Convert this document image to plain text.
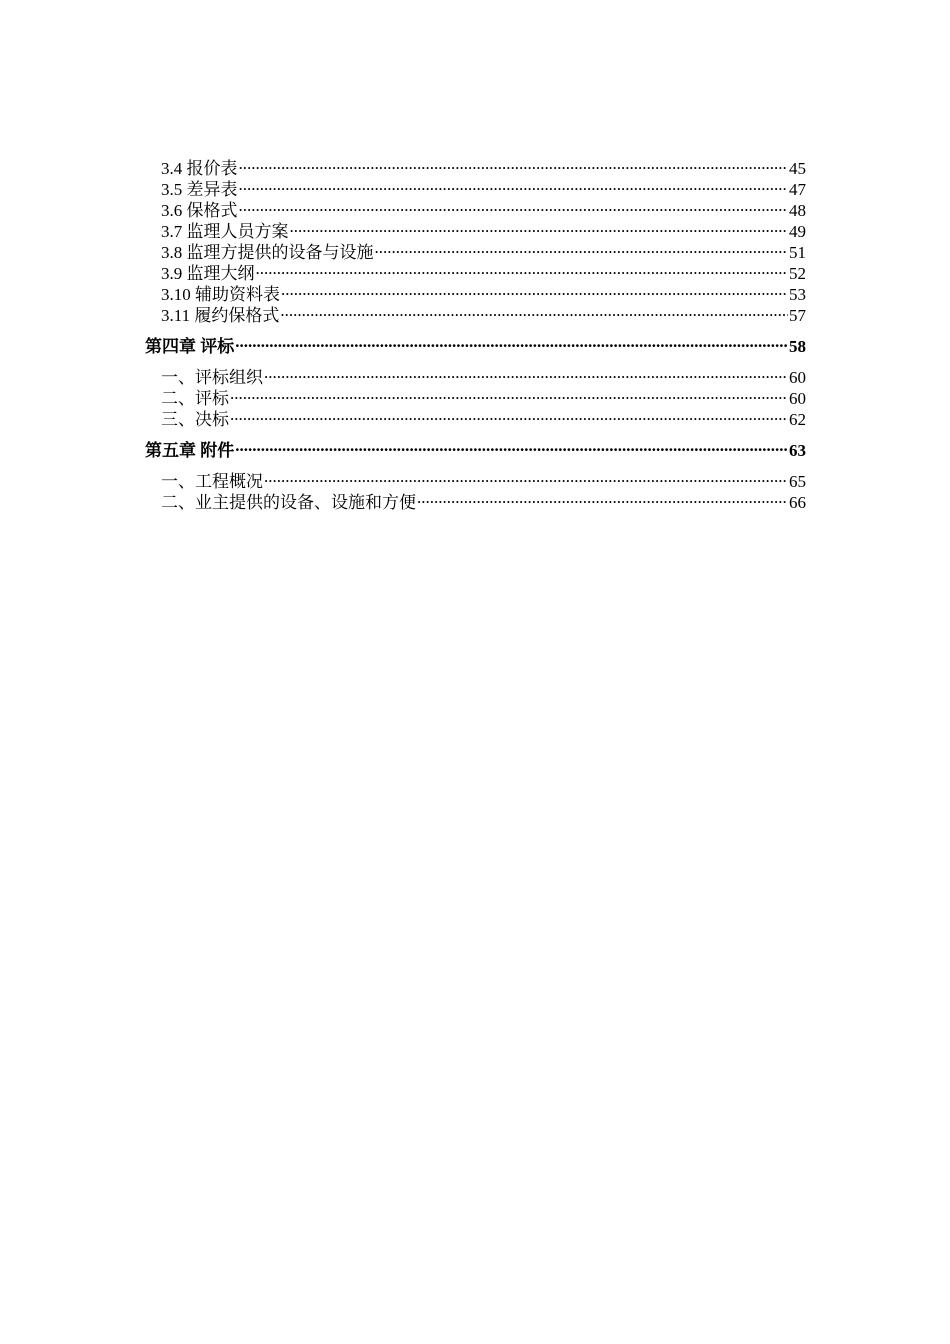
3.4 报价表 .....	45
3.5 差异表 .....	47
3.6 保格式 .....	48
3.7 监理人员方案 .....	49
3.8 监理方提供的设备与设施 .....	51
3.9 监理大纲 .....	52
3.10 辅助资料表 .....	53
3.11 履约保格式 .....	57
第四章 评标 .....	58
一、评标组织 .....	60
二、评标 .....	60
三、决标 .....	62
第五章 附件 .....	63
一、工程概况 .....	65
二、业主提供的设备、设施和方便 .....	66
